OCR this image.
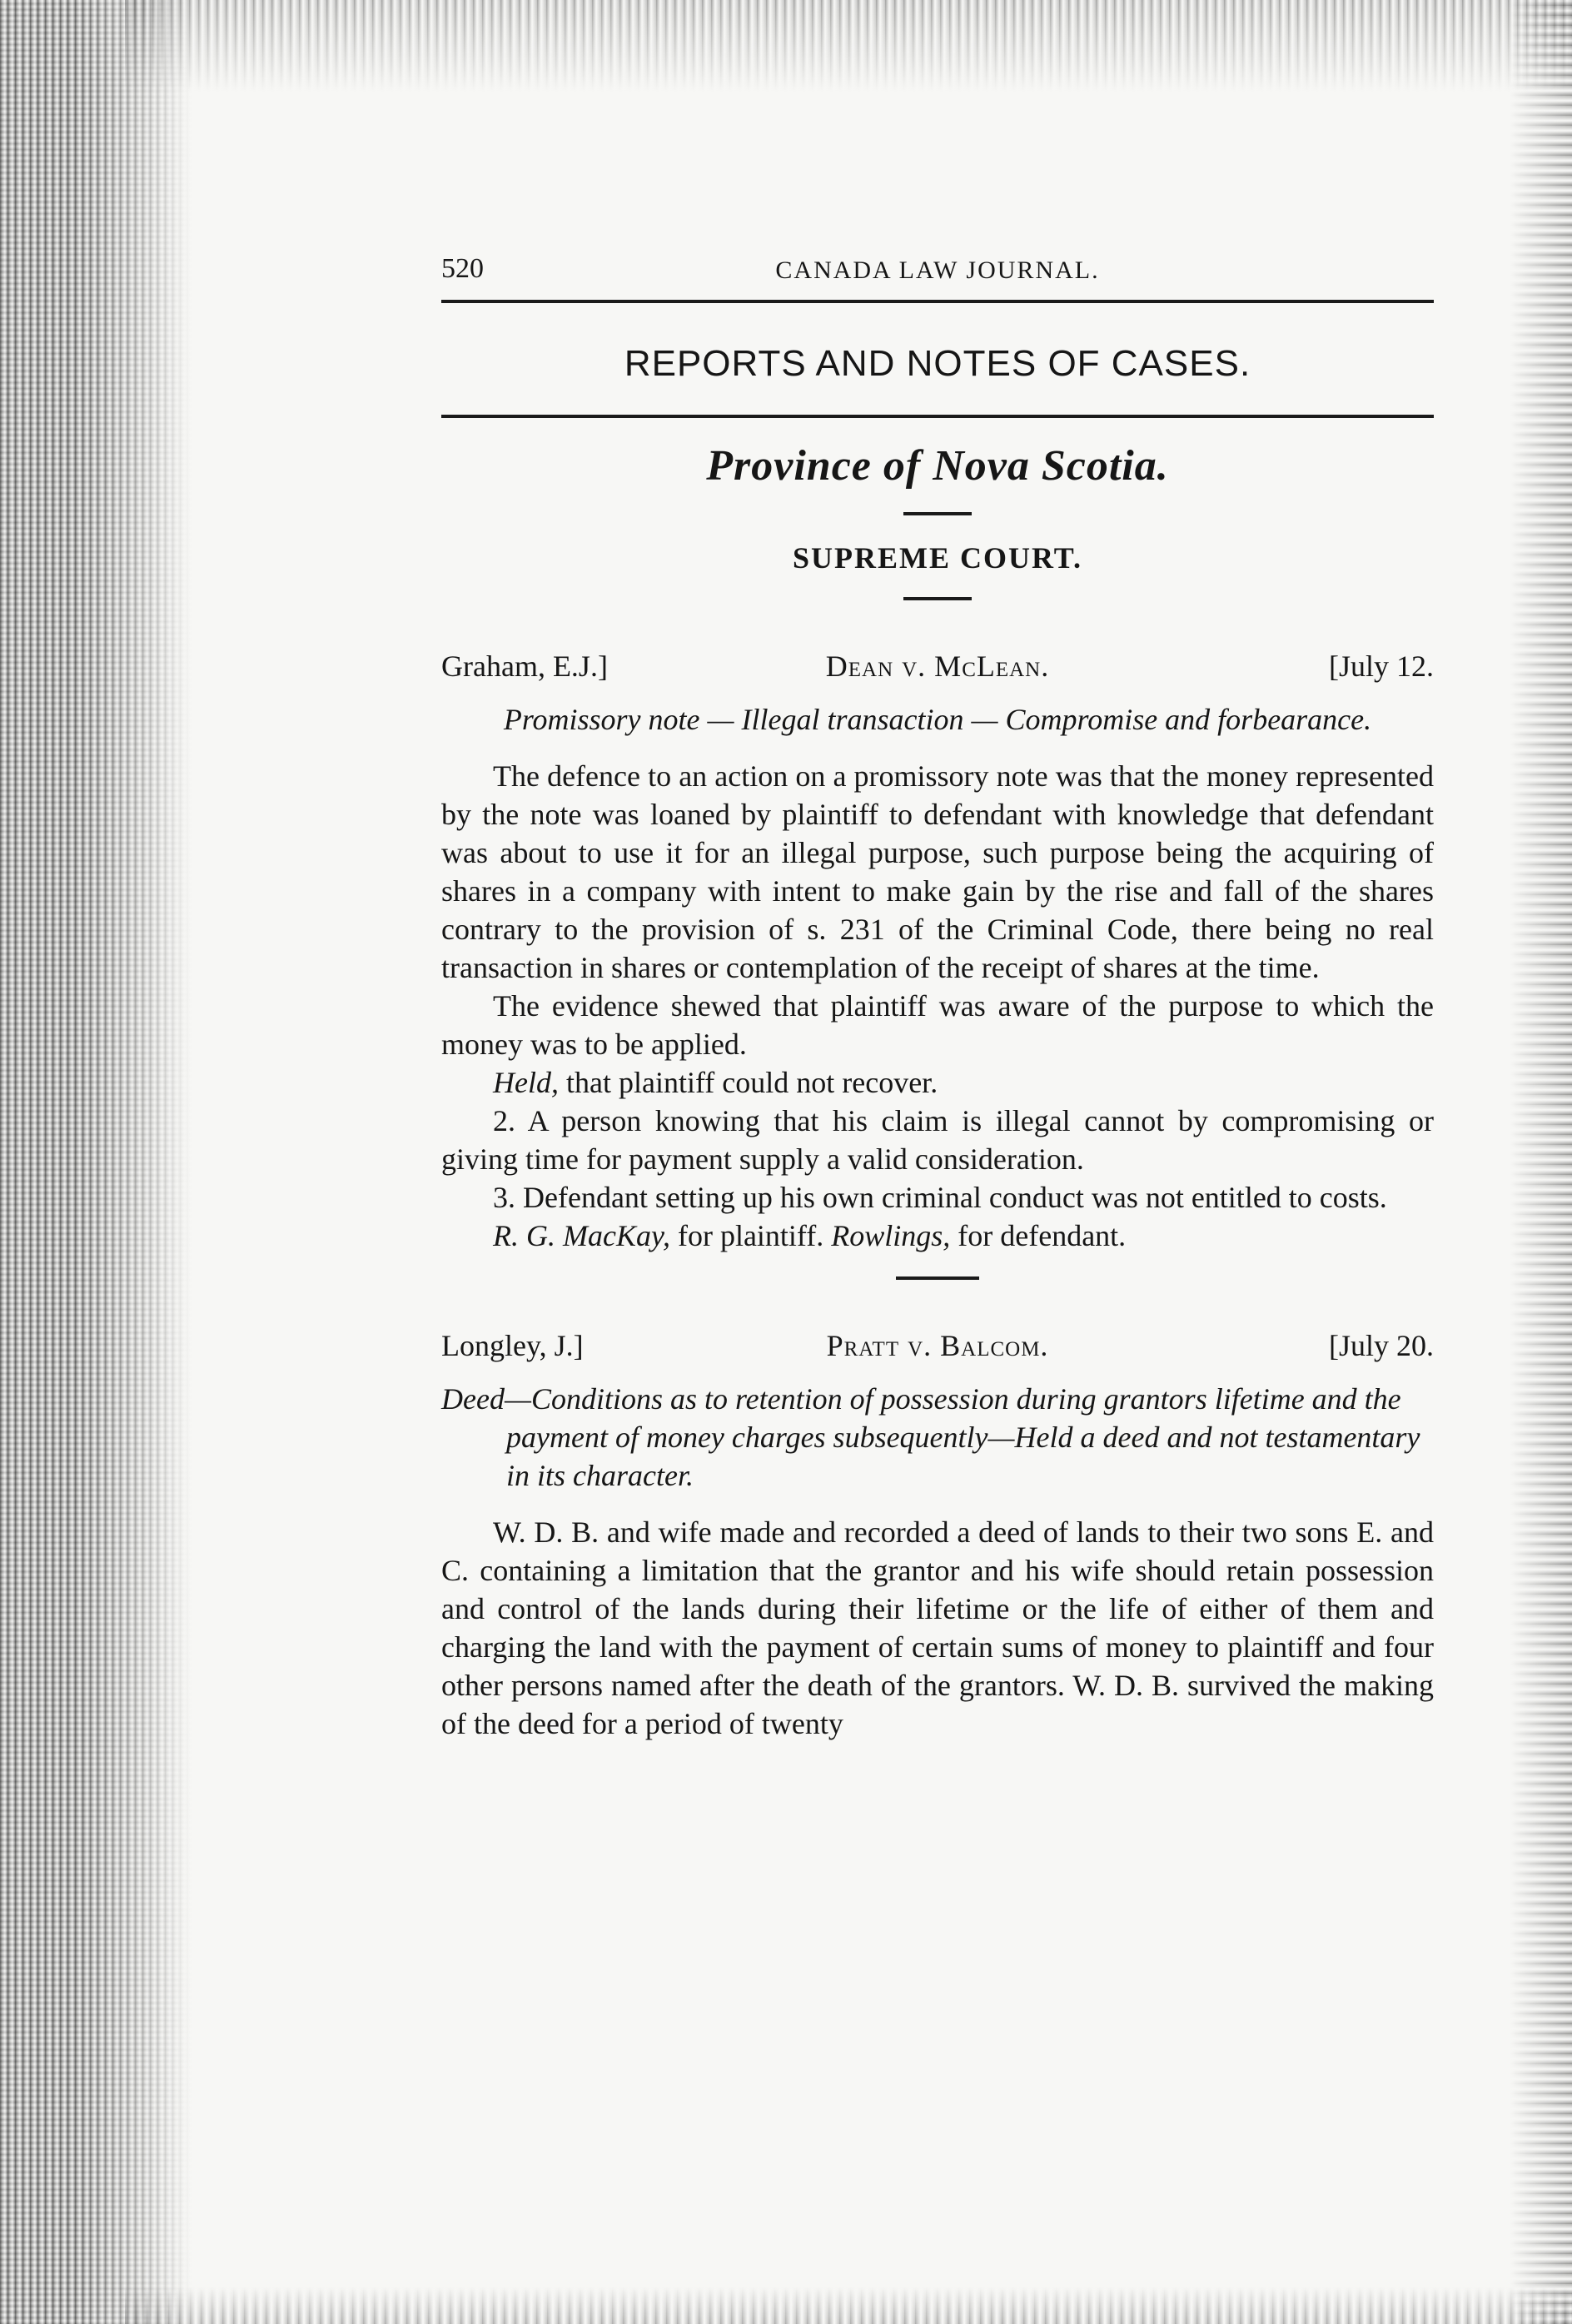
520	CANADA LAW JOURNAL.
REPORTS AND NOTES OF CASES.
Province of Nova Scotia.
SUPREME COURT.
Graham, E.J.]	Dean v. McLean.	[July 12.
Promissory note — Illegal transaction — Compromise and forbearance.

The defence to an action on a promissory note was that the money represented by the note was loaned by plaintiff to defendant with knowledge that defendant was about to use it for an illegal purpose, such purpose being the acquiring of shares in a company with intent to make gain by the rise and fall of the shares contrary to the provision of s. 231 of the Criminal Code, there being no real transaction in shares or contemplation of the receipt of shares at the time.

The evidence shewed that plaintiff was aware of the purpose to which the money was to be applied.

Held, that plaintiff could not recover.

2. A person knowing that his claim is illegal cannot by compromising or giving time for payment supply a valid consideration.

3. Defendant setting up his own criminal conduct was not entitled to costs.

R. G. MacKay, for plaintiff. Rowlings, for defendant.

Longley, J.]	Pratt v. Balcom.	[July 20.
Deed—Conditions as to retention of possession during grantors lifetime and the payment of money charges subsequently—Held a deed and not testamentary in its character.

W. D. B. and wife made and recorded a deed of lands to their two sons E. and C. containing a limitation that the grantor and his wife should retain possession and control of the lands during their lifetime or the life of either of them and charging the land with the payment of certain sums of money to plaintiff and four other persons named after the death of the grantors. W. D. B. survived the making of the deed for a period of twenty
